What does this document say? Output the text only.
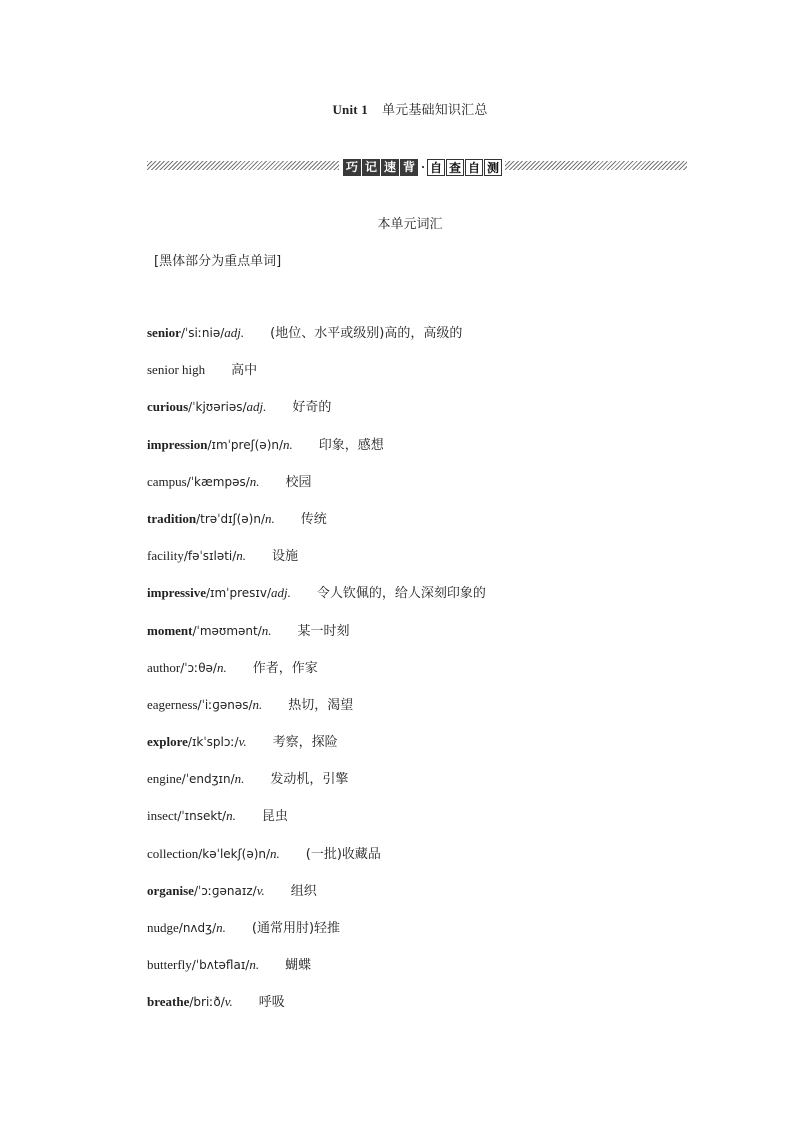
Unit 1 单元基础知识汇总
巧 记 速 背 · 自 查 自 测
本单元词汇
[黑体部分为重点单词]
senior/ˈsiːniə/adj. (地位、水平或级别)高的，高级的
senior high 高中
curious/ˈkjʊəriəs/adj. 好奇的
impression/ɪmˈpreʃ(ə)n/n. 印象，感想
campus/ˈkæmpəs/n. 校园
tradition/trəˈdɪʃ(ə)n/n. 传统
facility/fəˈsɪləti/n. 设施
impressive/ɪmˈpresɪv/adj. 令人钦佩的，给人深刻印象的
moment/ˈməʊmənt/n. 某一时刻
author/ˈɔːθə/n. 作者，作家
eagerness/ˈiːɡənəs/n. 热切，渴望
explore/ɪkˈsplɔː/v. 考察，探险
engine/ˈendʒɪn/n. 发动机，引擎
insect/ˈɪnsekt/n. 昆虫
collection/kəˈlekʃ(ə)n/n. (一批)收藏品
organise/ˈɔːɡənaɪz/v. 组织
nudge/nʌdʒ/n. (通常用肘)轻推
butterfly/ˈbʌtəflaɪ/n. 蝴蝶
breathe/briːð/v. 呼吸
